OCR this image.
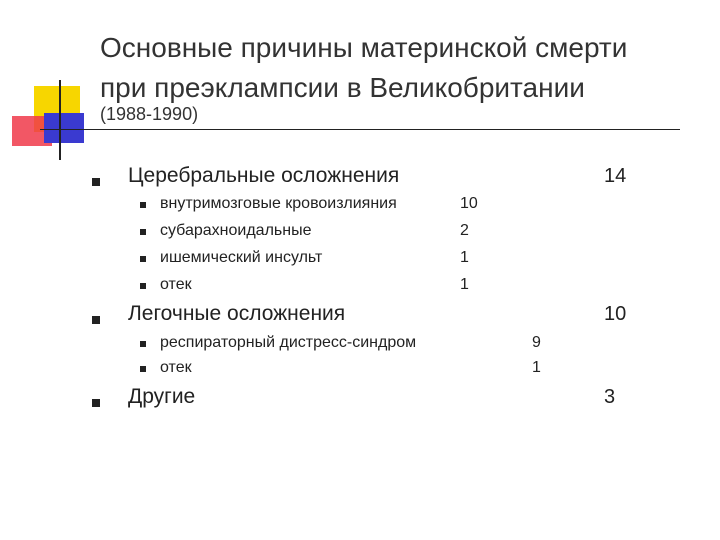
Основные причины материнской смерти
при преэклампсии в Великобритании
(1988-1990)
Церебральные осложнения	14
внутримозговые кровоизлияния	10
субарахноидальные	2
ишемический инсульт	1
отек	1
Легочные осложнения	10
респираторный дистресс-синдром	9
отек	1
Другие	3
